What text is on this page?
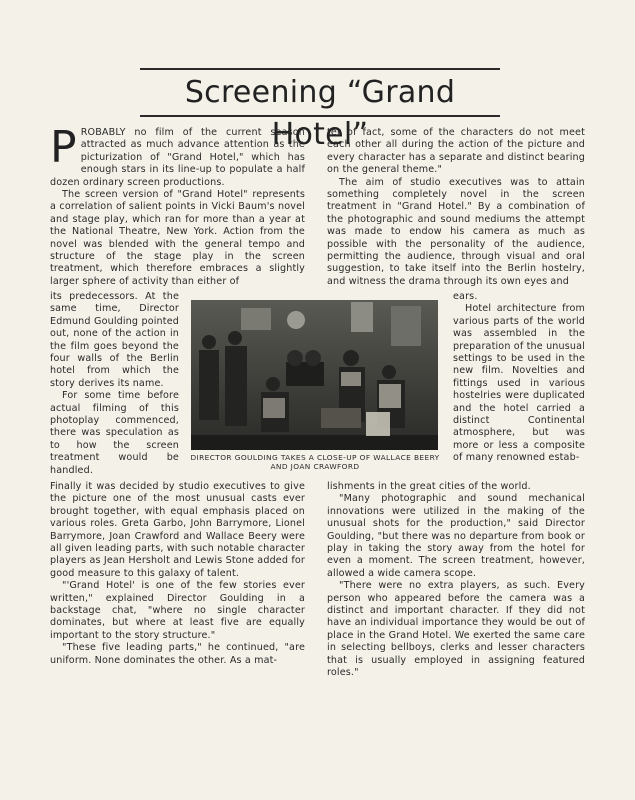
Screening “Grand Hotel”

PROBABLY no film of the current season attracted as much advance attention as the picturization of "Grand Hotel," which has enough stars in its line-up to populate a half dozen ordinary screen productions.

The screen version of "Grand Hotel" represents a correlation of salient points in Vicki Baum's novel and stage play, which ran for more than a year at the National Theatre, New York. Action from the novel was blended with the general tempo and structure of the stage play in the screen treatment, which therefore embraces a slightly larger sphere of activity than either of

its predecessors. At the same time, Director Edmund Goulding pointed out, none of the action in the film goes beyond the four walls of the Berlin hotel from which the story derives its name.

For some time before actual filming of this photoplay commenced, there was speculation as to how the screen treatment would be handled.

Finally it was decided by studio executives to give the picture one of the most unusual casts ever brought together, with equal emphasis placed on various roles. Greta Garbo, John Barrymore, Lionel Barrymore, Joan Crawford and Wallace Beery were all given leading parts, with such notable character players as Jean Hersholt and Lewis Stone added for good measure to this galaxy of talent.

"'Grand Hotel' is one of the few stories ever written," explained Director Goulding in a backstage chat, "where no single character dominates, but where at least five are equally important to the story structure."

"These five leading parts," he continued, "are uniform. None dominates the other. As a mat-

ter of fact, some of the characters do not meet each other all during the action of the picture and every character has a separate and distinct bearing on the general theme."

The aim of studio executives was to attain something completely novel in the screen treatment in "Grand Hotel." By a combination of the photographic and sound mediums the attempt was made to endow his camera as much as possible with the personality of the audience, permitting the audience, through visual and oral suggestion, to take itself into the Berlin hostelry, and witness the drama through its own eyes and

ears.

Hotel architecture from various parts of the world was assembled in the preparation of the unusual settings to be used in the new film. Novelties and fittings used in various hostelries were duplicated and the hotel carried a distinct Continental atmosphere, but was more or less a composite of many renowned estab-

lishments in the great cities of the world.

"Many photographic and sound mechanical innovations were utilized in the making of the unusual shots for the production," said Director Goulding, "but there was no departure from book or play in taking the story away from the hotel for even a moment. The screen treatment, however, allowed a wide camera scope.

"There were no extra players, as such. Every person who appeared before the camera was a distinct and important character. If they did not have an individual importance they would be out of place in the Grand Hotel. We exerted the same care in selecting bellboys, clerks and lesser characters that is usually employed in assigning featured roles."

DIRECTOR GOULDING TAKES A CLOSE-UP OF WALLACE BEERY AND JOAN CRAWFORD
